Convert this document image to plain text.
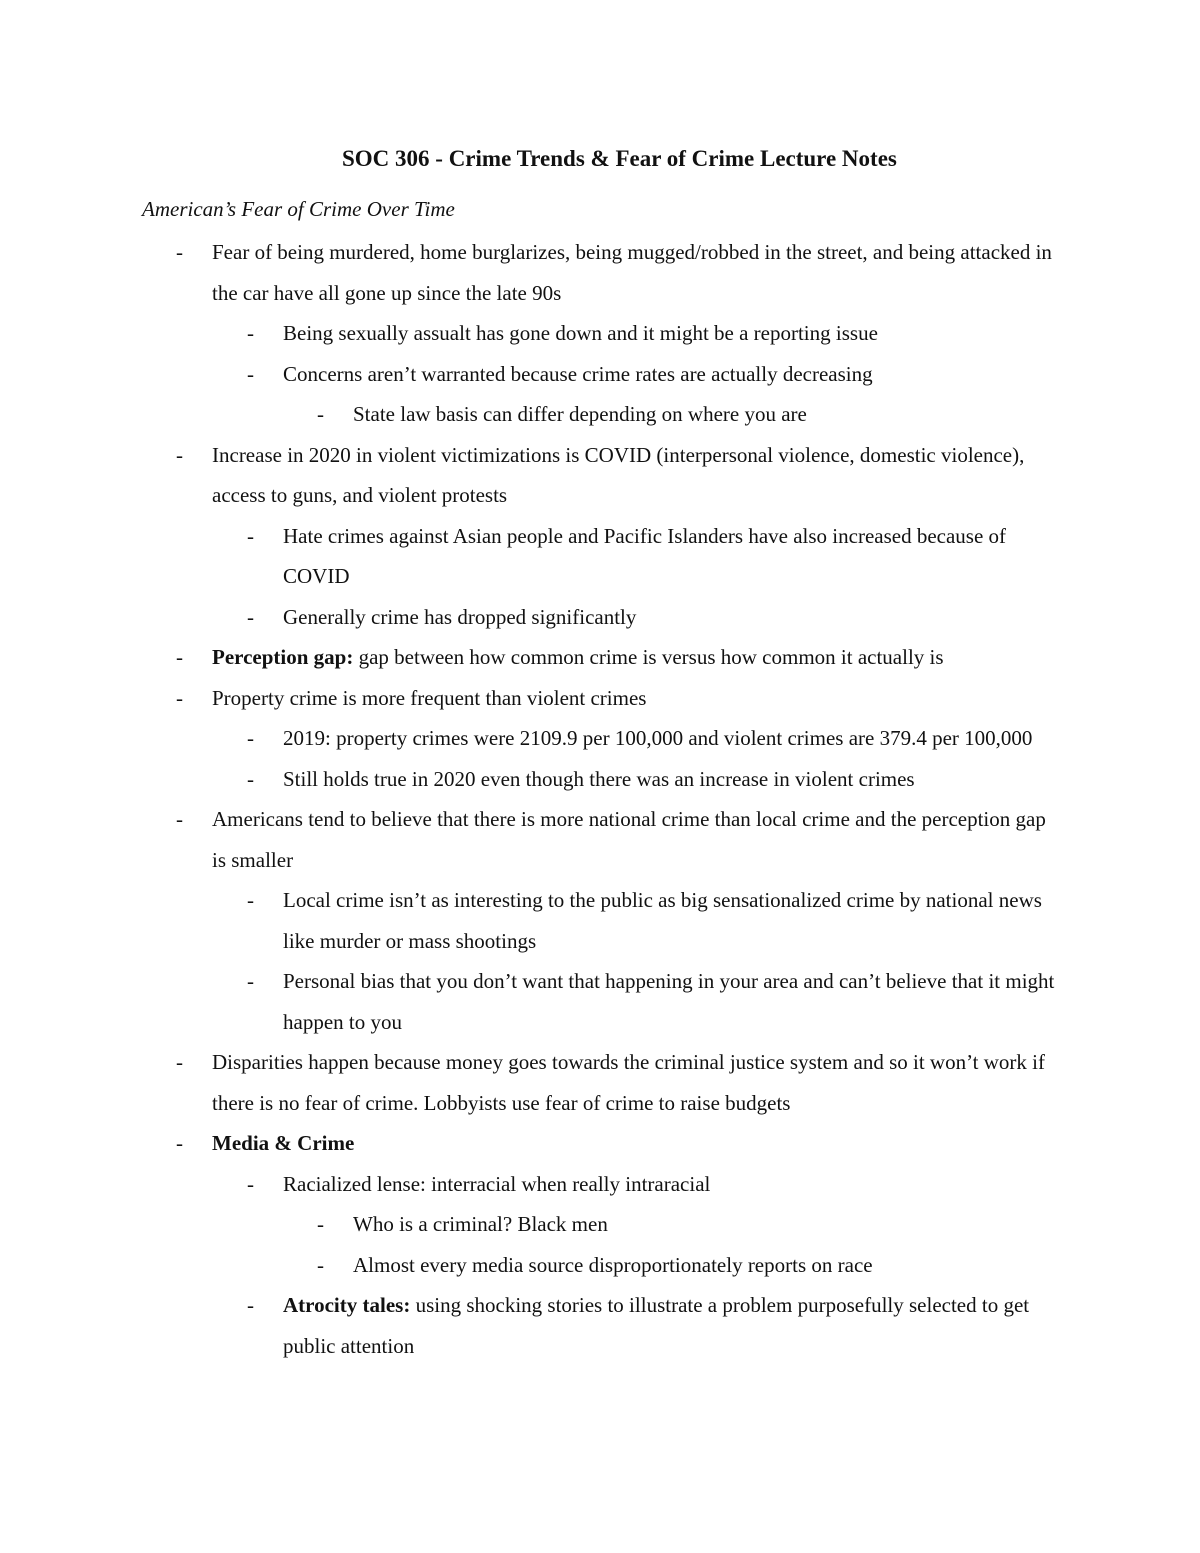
SOC 306 - Crime Trends & Fear of Crime Lecture Notes
American’s Fear of Crime Over Time
- Fear of being murdered, home burglarizes, being mugged/robbed in the street, and being attacked in the car have all gone up since the late 90s
- Being sexually assualt has gone down and it might be a reporting issue
- Concerns aren’t warranted because crime rates are actually decreasing
- State law basis can differ depending on where you are
- Increase in 2020 in violent victimizations is COVID (interpersonal violence, domestic violence), access to guns, and violent protests
- Hate crimes against Asian people and Pacific Islanders have also increased because of COVID
- Generally crime has dropped significantly
- Perception gap: gap between how common crime is versus how common it actually is
- Property crime is more frequent than violent crimes
- 2019: property crimes were 2109.9 per 100,000 and violent crimes are 379.4 per 100,000
- Still holds true in 2020 even though there was an increase in violent crimes
- Americans tend to believe that there is more national crime than local crime and the perception gap is smaller
- Local crime isn’t as interesting to the public as big sensationalized crime by national news like murder or mass shootings
- Personal bias that you don’t want that happening in your area and can’t believe that it might happen to you
- Disparities happen because money goes towards the criminal justice system and so it won’t work if there is no fear of crime. Lobbyists use fear of crime to raise budgets
- Media & Crime
- Racialized lense: interracial when really intraracial
- Who is a criminal? Black men
- Almost every media source disproportionately reports on race
- Atrocity tales: using shocking stories to illustrate a problem purposefully selected to get public attention
